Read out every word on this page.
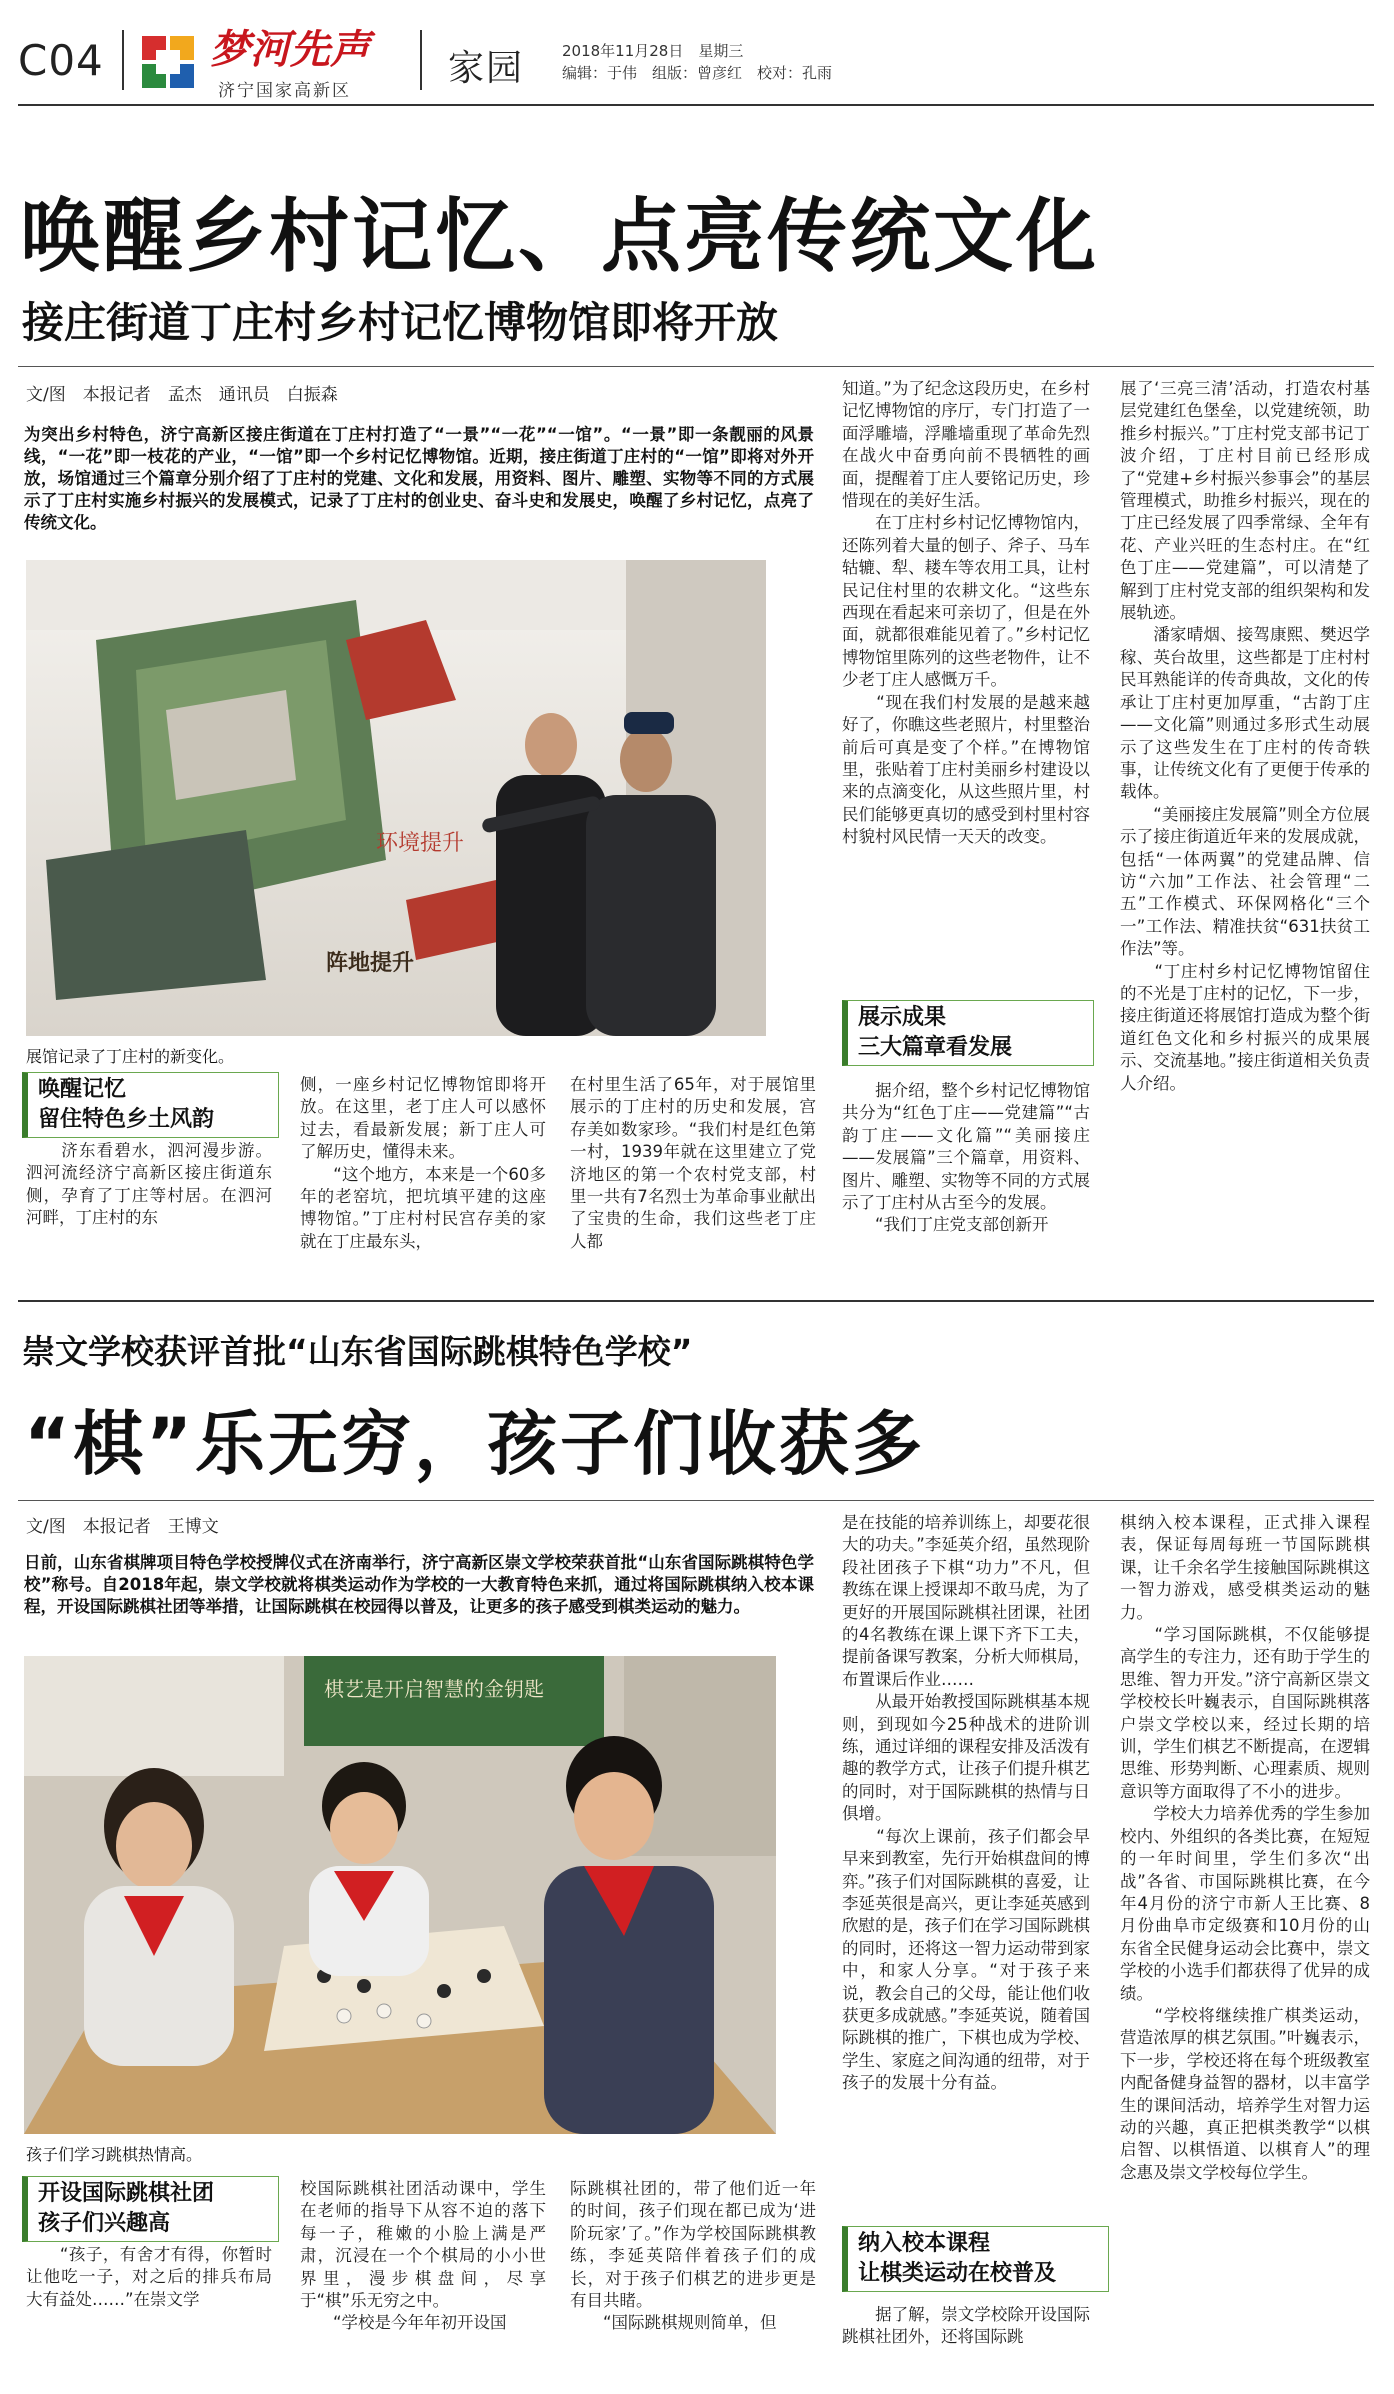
C04	梦河先声
济宁国家高新区
家园	2018年11月28日　星期三
编辑：于伟　组版：曾彦红　校对：孔雨
唤醒乡村记忆、点亮传统文化
接庄街道丁庄村乡村记忆博物馆即将开放
文/图　本报记者　孟杰　通讯员　白振森
为突出乡村特色，济宁高新区接庄街道在丁庄村打造了“一景”“一花”“一馆”。“一景”即一条靓丽的风景线，“一花”即一枝花的产业，“一馆”即一个乡村记忆博物馆。近期，接庄街道丁庄村的“一馆”即将对外开放，场馆通过三个篇章分别介绍了丁庄村的党建、文化和发展，用资料、图片、雕塑、实物等不同的方式展示了丁庄村实施乡村振兴的发展模式，记录了丁庄村的创业史、奋斗史和发展史，唤醒了乡村记忆，点亮了传统文化。
环境提升
阵地提升
展馆记录了丁庄村的新变化。
唤醒记忆
留住特色乡土风韵
　　济东看碧水，泗河漫步游。泗河流经济宁高新区接庄街道东侧，孕育了丁庄等村居。在泗河河畔，丁庄村的东
侧，一座乡村记忆博物馆即将开放。在这里，老丁庄人可以感怀过去，看最新发展；新丁庄人可了解历史，懂得未来。
　　“这个地方，本来是一个60多年的老窑坑，把坑填平建的这座博物馆。”丁庄村村民宫存美的家就在丁庄最东头，
在村里生活了65年，对于展馆里展示的丁庄村的历史和发展，宫存美如数家珍。“我们村是红色第一村，1939年就在这里建立了党济地区的第一个农村党支部，村里一共有7名烈士为革命事业献出了宝贵的生命，我们这些老丁庄人都
知道。”为了纪念这段历史，在乡村记忆博物馆的序厅，专门打造了一面浮雕墙，浮雕墙重现了革命先烈在战火中奋勇向前不畏牺牲的画面，提醒着丁庄人要铭记历史，珍惜现在的美好生活。
　　在丁庄村乡村记忆博物馆内，还陈列着大量的刨子、斧子、马车轱辘、犁、耧车等农用工具，让村民记住村里的农耕文化。“这些东西现在看起来可亲切了，但是在外面，就都很难能见着了。”乡村记忆博物馆里陈列的这些老物件，让不少老丁庄人感慨万千。
　　“现在我们村发展的是越来越好了，你瞧这些老照片，村里整治前后可真是变了个样。”在博物馆里，张贴着丁庄村美丽乡村建设以来的点滴变化，从这些照片里，村民们能够更真切的感受到村里村容村貌村风民情一天天的改变。
展示成果
三大篇章看发展
　　据介绍，整个乡村记忆博物馆共分为“红色丁庄——党建篇”“古韵丁庄——文化篇”“美丽接庄——发展篇”三个篇章，用资料、图片、雕塑、实物等不同的方式展示了丁庄村从古至今的发展。
　　“我们丁庄党支部创新开
展了‘三亮三清’活动，打造农村基层党建红色堡垒，以党建统领，助推乡村振兴。”丁庄村党支部书记丁波介绍，丁庄村目前已经形成了“党建+乡村振兴参事会”的基层管理模式，助推乡村振兴，现在的丁庄已经发展了四季常绿、全年有花、产业兴旺的生态村庄。在“红色丁庄——党建篇”，可以清楚了解到丁庄村党支部的组织架构和发展轨迹。
　　潘家晴烟、接驾康熙、樊迟学稼、英台故里，这些都是丁庄村村民耳熟能详的传奇典故，文化的传承让丁庄村更加厚重，“古韵丁庄——文化篇”则通过多形式生动展示了这些发生在丁庄村的传奇轶事，让传统文化有了更便于传承的载体。
　　“美丽接庄发展篇”则全方位展示了接庄街道近年来的发展成就，包括“一体两翼”的党建品牌、信访“六加”工作法、社会管理“二五”工作模式、环保网格化“三个一”工作法、精准扶贫“631扶贫工作法”等。
　　“丁庄村乡村记忆博物馆留住的不光是丁庄村的记忆，下一步，接庄街道还将展馆打造成为整个街道红色文化和乡村振兴的成果展示、交流基地。”接庄街道相关负责人介绍。
崇文学校获评首批“山东省国际跳棋特色学校”
“棋”乐无穷，孩子们收获多
文/图　本报记者　王博文
日前，山东省棋牌项目特色学校授牌仪式在济南举行，济宁高新区崇文学校荣获首批“山东省国际跳棋特色学校”称号。自2018年起，崇文学校就将棋类运动作为学校的一大教育特色来抓，通过将国际跳棋纳入校本课程，开设国际跳棋社团等举措，让国际跳棋在校园得以普及，让更多的孩子感受到棋类运动的魅力。
棋艺是开启智慧的金钥匙
孩子们学习跳棋热情高。
开设国际跳棋社团
孩子们兴趣高
　　“孩子，有舍才有得，你暂时让他吃一子，对之后的排兵布局大有益处……”在崇文学
校国际跳棋社团活动课中，学生在老师的指导下从容不迫的落下每一子，稚嫩的小脸上满是严肃，沉浸在一个个棋局的小小世界里，漫步棋盘间，尽享于“棋”乐无穷之中。
　　“学校是今年年初开设国
际跳棋社团的，带了他们近一年的时间，孩子们现在都已成为‘进阶玩家’了。”作为学校国际跳棋教练，李延英陪伴着孩子们的成长，对于孩子们棋艺的进步更是有目共睹。
　　“国际跳棋规则简单，但
是在技能的培养训练上，却要花很大的功夫。”李延英介绍，虽然现阶段社团孩子下棋“功力”不凡，但教练在课上授课却不敢马虎，为了更好的开展国际跳棋社团课，社团的4名教练在课上课下齐下工夫，提前备课写教案，分析大师棋局，布置课后作业……
　　从最开始教授国际跳棋基本规则，到现如今25种战术的进阶训练，通过详细的课程安排及活泼有趣的教学方式，让孩子们提升棋艺的同时，对于国际跳棋的热情与日俱增。
　　“每次上课前，孩子们都会早早来到教室，先行开始棋盘间的博弈。”孩子们对国际跳棋的喜爱，让李延英很是高兴，更让李延英感到欣慰的是，孩子们在学习国际跳棋的同时，还将这一智力运动带到家中，和家人分享。“对于孩子来说，教会自己的父母，能让他们收获更多成就感。”李延英说，随着国际跳棋的推广，下棋也成为学校、学生、家庭之间沟通的纽带，对于孩子的发展十分有益。
纳入校本课程
让棋类运动在校普及
　　据了解，崇文学校除开设国际跳棋社团外，还将国际跳
棋纳入校本课程，正式排入课程表，保证每周每班一节国际跳棋课，让千余名学生接触国际跳棋这一智力游戏，感受棋类运动的魅力。
　　“学习国际跳棋，不仅能够提高学生的专注力，还有助于学生的思维、智力开发。”济宁高新区崇文学校校长叶巍表示，自国际跳棋落户崇文学校以来，经过长期的培训，学生们棋艺不断提高，在逻辑思维、形势判断、心理素质、规则意识等方面取得了不小的进步。
　　学校大力培养优秀的学生参加校内、外组织的各类比赛，在短短的一年时间里，学生们多次“出战”各省、市国际跳棋比赛，在今年4月份的济宁市新人王比赛、8月份曲阜市定级赛和10月份的山东省全民健身运动会比赛中，崇文学校的小选手们都获得了优异的成绩。
　　“学校将继续推广棋类运动，营造浓厚的棋艺氛围。”叶巍表示，下一步，学校还将在每个班级教室内配备健身益智的器材，以丰富学生的课间活动，培养学生对智力运动的兴趣，真正把棋类教学“以棋启智、以棋悟道、以棋育人”的理念惠及崇文学校每位学生。
